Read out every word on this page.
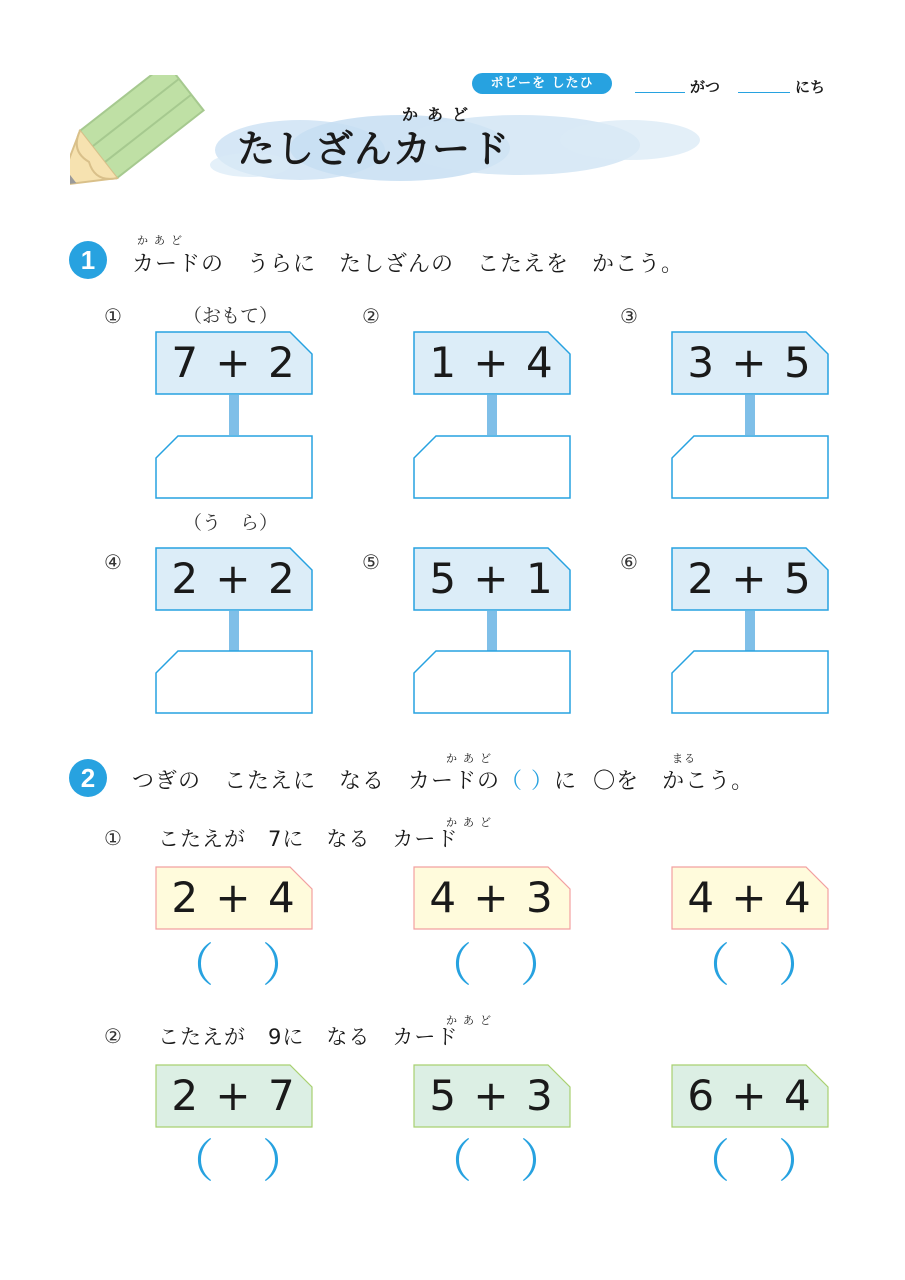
かあど
たしざんカード
ポピーを したひ	がつ	にち
1
かあど
カードの　うらに　たしざんの　こたえを　かこう。
（おもて）
（う　ら）
①	②	③
7 + 2	1 + 4	3 + 5
④	⑤	⑥
2 + 2	5 + 1	2 + 5
2
かあど	まる
つぎの　こたえに　なる　カードの（ ）に 〇を　かこう。
①
かあど
こたえが　7に　なる　カード
2 + 4	4 + 3	4 + 4
（ ）	（ ）	（ ）
②
かあど
こたえが　9に　なる　カード
2 + 7	5 + 3	6 + 4
（ ）	（ ）	（ ）
